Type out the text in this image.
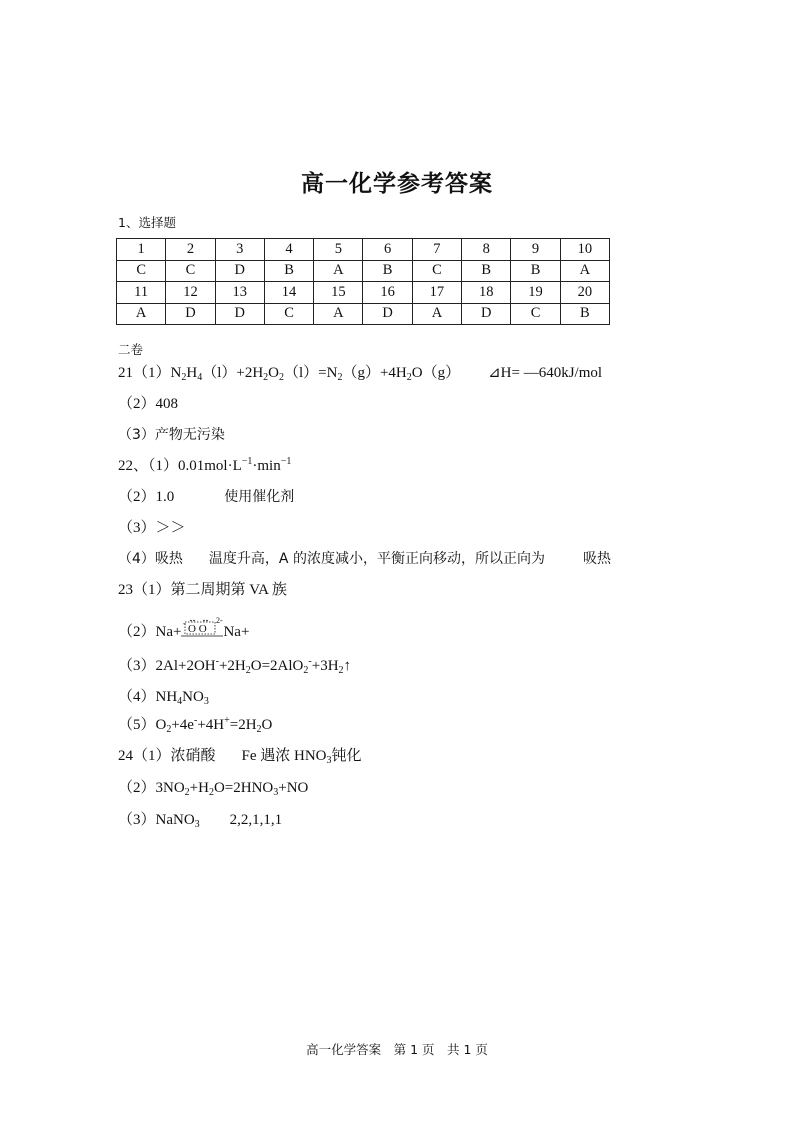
高一化学参考答案
1、选择题
1	2	3	4	5	6	7	8	9	10
C	C	D	B	A	B	C	B	B	A
11	12	13	14	15	16	17	18	19	20
A	D	D	C	A	D	A	D	C	B
二卷
$21(1)N_2H_4(l)+2H_2O_2(l)=N_2(g)+4H_2O(g)$ ⊿H= —640kJ/mol
（2）408
（3）产物无污染
22、$(1)0.01mol\cdot L^{-1}\cdot\min^{-1}$
（2）1.0	使用催化剂
（3）＞＞
（4）吸热 温度升高，A 的浓度减小，平衡正向移动，所以正向为	吸热
23（1）第二周期第 VA 族
（2）Na+
- O O
2-
Na+
$(3)2Al+2OH^-+2H_2O=2AlO_2^-+3H_2↑$
$(4)NH_4NO_3$
$(5)O_2+4e^-+4H^+=2H_2O$
24（1）浓硝酸 Fe 遇浓 $HNO_3$钝化
$(2)3NO_2+H_2O=2HNO_3+NO$
（3）NaNO$_3$ 2,2,1,1,1
高一化学答案　第 1 页　共 1 页
